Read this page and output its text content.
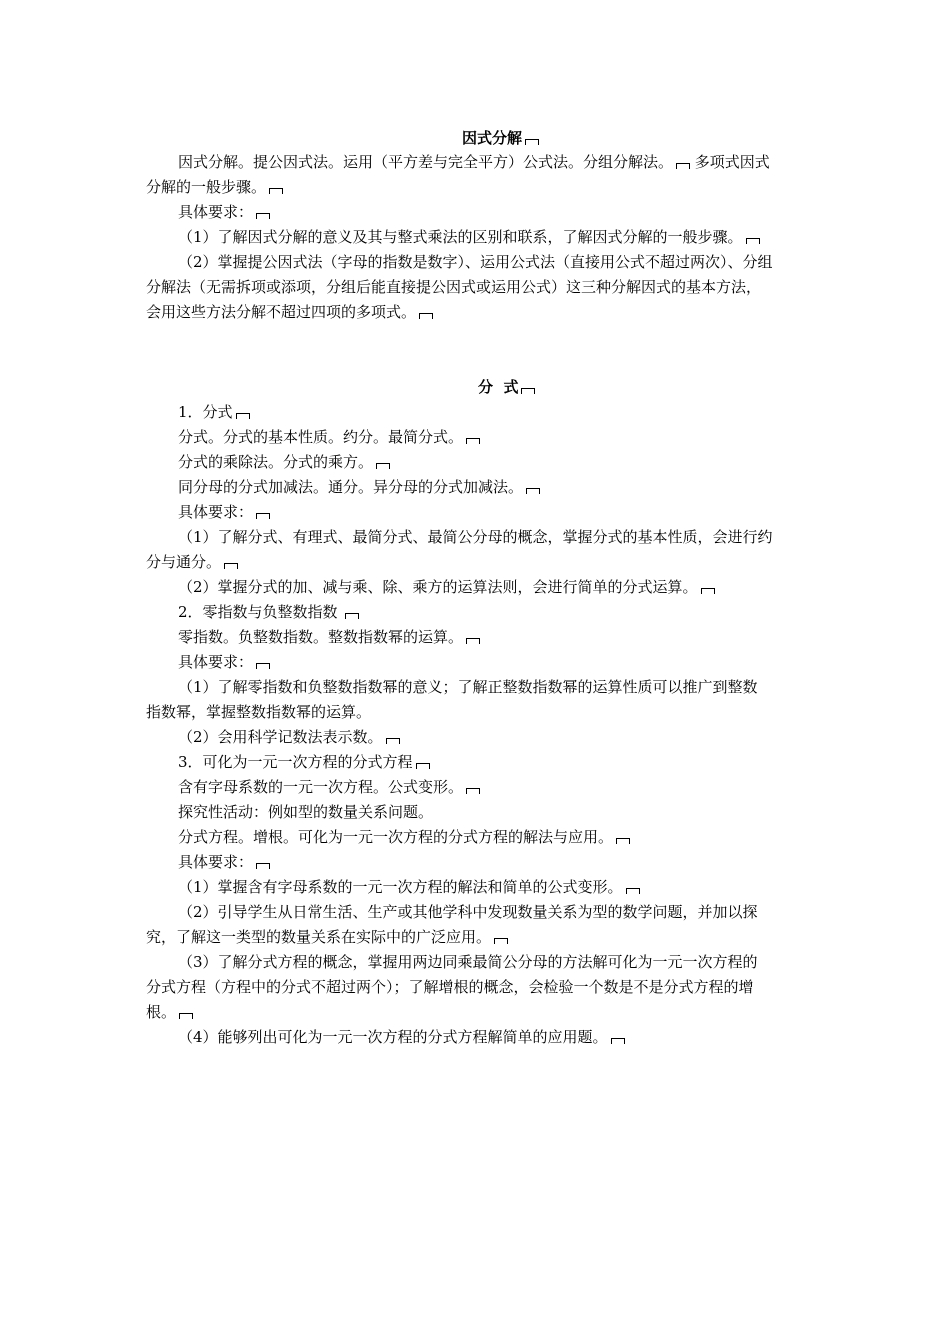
因式分解
因式分解。提公因式法。运用（平方差与完全平方）公式法。分组分解法。 多项式因式
分解的一般步骤。
具体要求：
（1）了解因式分解的意义及其与整式乘法的区别和联系，了解因式分解的一般步骤。
（2）掌握提公因式法（字母的指数是数字）、运用公式法（直接用公式不超过两次）、分组
分解法（无需拆项或添项，分组后能直接提公因式或运用公式）这三种分解因式的基本方法，
会用这些方法分解不超过四项的多项式。
分  式
1．分式
分式。分式的基本性质。约分。最简分式。
分式的乘除法。分式的乘方。
同分母的分式加减法。通分。异分母的分式加减法。
具体要求：
（1）了解分式、有理式、最简分式、最简公分母的概念，掌握分式的基本性质，会进行约
分与通分。
（2）掌握分式的加、减与乘、除、乘方的运算法则，会进行简单的分式运算。
2．零指数与负整数指数
零指数。负整数指数。整数指数幂的运算。
具体要求：
（1）了解零指数和负整数指数幂的意义；了解正整数指数幂的运算性质可以推广到整数
指数幂，掌握整数指数幂的运算。
（2）会用科学记数法表示数。
3．可化为一元一次方程的分式方程
含有字母系数的一元一次方程。公式变形。
探究性活动：例如型的数量关系问题。
分式方程。增根。可化为一元一次方程的分式方程的解法与应用。
具体要求：
（1）掌握含有字母系数的一元一次方程的解法和简单的公式变形。
（2）引导学生从日常生活、生产或其他学科中发现数量关系为型的数学问题，并加以探
究，了解这一类型的数量关系在实际中的广泛应用。
（3）了解分式方程的概念，掌握用两边同乘最简公分母的方法解可化为一元一次方程的
分式方程（方程中的分式不超过两个）；了解增根的概念，会检验一个数是不是分式方程的增
根。
（4）能够列出可化为一元一次方程的分式方程解简单的应用题。
